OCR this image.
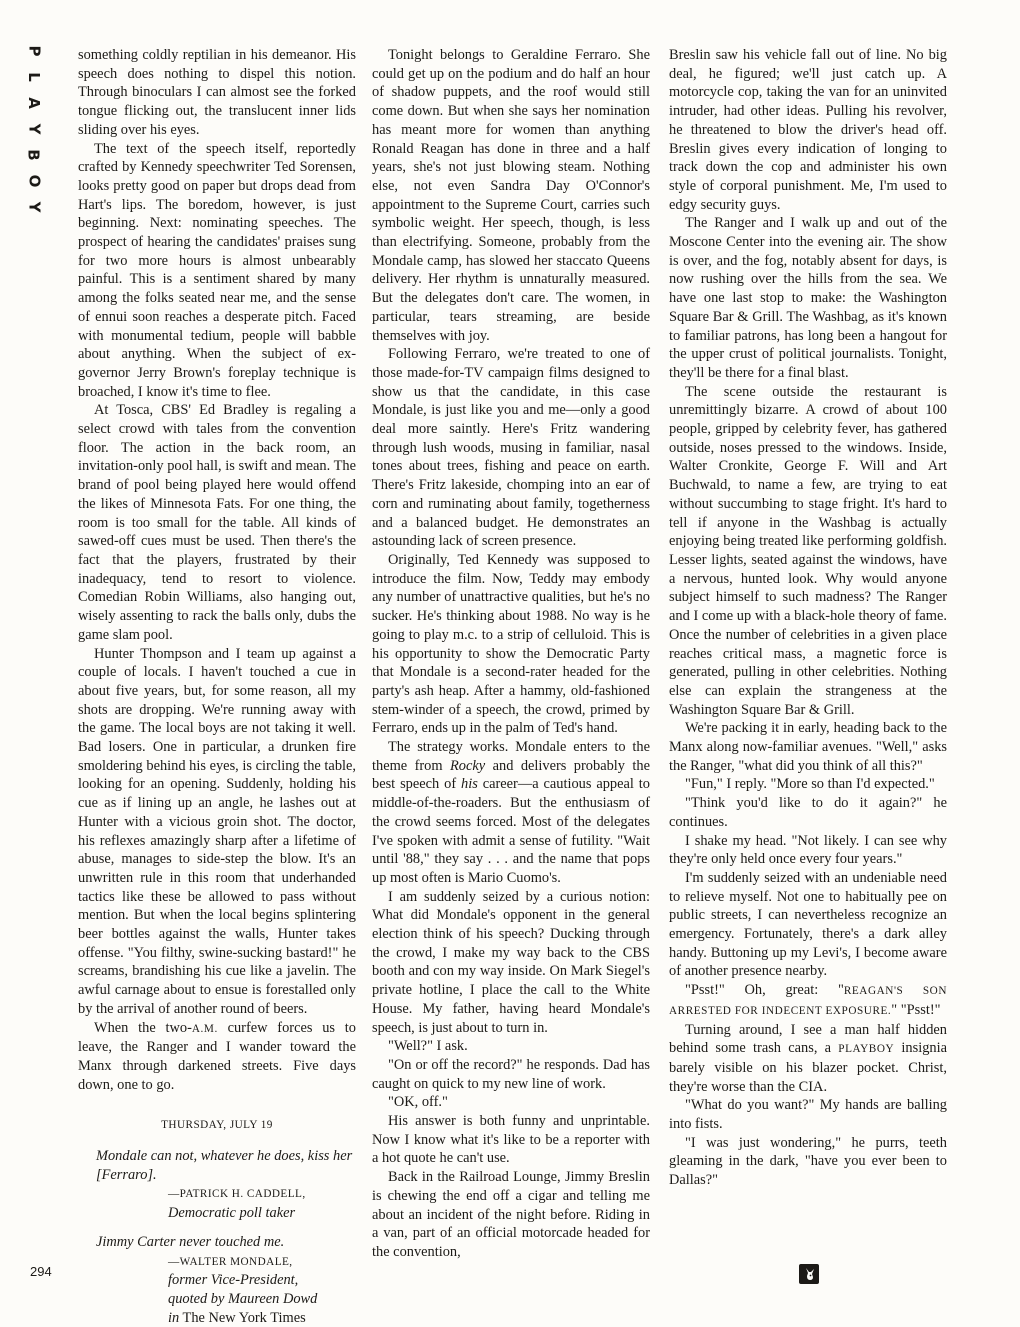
P
L
A
Y
B
O
Y

something coldly reptilian in his demeanor. His speech does nothing to dispel this notion. Through binoculars I can almost see the forked tongue flicking out, the translucent inner lids sliding over his eyes.

The text of the speech itself, reportedly crafted by Kennedy speechwriter Ted Sorensen, looks pretty good on paper but drops dead from Hart's lips. The boredom, however, is just beginning. Next: nominating speeches. The prospect of hearing the candidates' praises sung for two more hours is almost unbearably painful. This is a sentiment shared by many among the folks seated near me, and the sense of ennui soon reaches a desperate pitch. Faced with monumental tedium, people will babble about anything. When the subject of ex-governor Jerry Brown's foreplay technique is broached, I know it's time to flee.

At Tosca, CBS' Ed Bradley is regaling a select crowd with tales from the convention floor. The action in the back room, an invitation-only pool hall, is swift and mean. The brand of pool being played here would offend the likes of Minnesota Fats. For one thing, the room is too small for the table. All kinds of sawed-off cues must be used. Then there's the fact that the players, frustrated by their inadequacy, tend to resort to violence. Comedian Robin Williams, also hanging out, wisely assenting to rack the balls only, dubs the game slam pool.

Hunter Thompson and I team up against a couple of locals. I haven't touched a cue in about five years, but, for some reason, all my shots are dropping. We're running away with the game. The local boys are not taking it well. Bad losers. One in particular, a drunken fire smoldering behind his eyes, is circling the table, looking for an opening. Suddenly, holding his cue as if lining up an angle, he lashes out at Hunter with a vicious groin shot. The doctor, his reflexes amazingly sharp after a lifetime of abuse, manages to side-step the blow. It's an unwritten rule in this room that underhanded tactics like these be allowed to pass without mention. But when the local begins splintering beer bottles against the walls, Hunter takes offense. "You filthy, swine-sucking bastard!" he screams, brandishing his cue like a javelin. The awful carnage about to ensue is forestalled only by the arrival of another round of beers.

When the two-A.M. curfew forces us to leave, the Ranger and I wander toward the Manx through darkened streets. Five days down, one to go.

THURSDAY, JULY 19

Mondale can not, whatever he does, kiss her [Ferraro].

—PATRICK H. CADDELL,
Democratic poll taker

Jimmy Carter never touched me.

—WALTER MONDALE,
former Vice-President,
quoted by Maureen Dowd
in The New York Times

Tonight belongs to Geraldine Ferraro. She could get up on the podium and do half an hour of shadow puppets, and the roof would still come down. But when she says her nomination has meant more for women than anything Ronald Reagan has done in three and a half years, she's not just blowing steam. Nothing else, not even Sandra Day O'Connor's appointment to the Supreme Court, carries such symbolic weight. Her speech, though, is less than electrifying. Someone, probably from the Mondale camp, has slowed her staccato Queens delivery. Her rhythm is unnaturally measured. But the delegates don't care. The women, in particular, tears streaming, are beside themselves with joy.

Following Ferraro, we're treated to one of those made-for-TV campaign films designed to show us that the candidate, in this case Mondale, is just like you and me—only a good deal more saintly. Here's Fritz wandering through lush woods, musing in familiar, nasal tones about trees, fishing and peace on earth. There's Fritz lakeside, chomping into an ear of corn and ruminating about family, togetherness and a balanced budget. He demonstrates an astounding lack of screen presence.

Originally, Ted Kennedy was supposed to introduce the film. Now, Teddy may embody any number of unattractive qualities, but he's no sucker. He's thinking about 1988. No way is he going to play m.c. to a strip of celluloid. This is his opportunity to show the Democratic Party that Mondale is a second-rater headed for the party's ash heap. After a hammy, old-fashioned stem-winder of a speech, the crowd, primed by Ferraro, ends up in the palm of Ted's hand.

The strategy works. Mondale enters to the theme from Rocky and delivers probably the best speech of his career—a cautious appeal to middle-of-the-roaders. But the enthusiasm of the crowd seems forced. Most of the delegates I've spoken with admit a sense of futility. "Wait until '88," they say . . . and the name that pops up most often is Mario Cuomo's.

I am suddenly seized by a curious notion: What did Mondale's opponent in the general election think of his speech? Ducking through the crowd, I make my way back to the CBS booth and con my way inside. On Mark Siegel's private hotline, I place the call to the White House. My father, having heard Mondale's speech, is just about to turn in.

"Well?" I ask.

"On or off the record?" he responds. Dad has caught on quick to my new line of work.

"OK, off."

His answer is both funny and unprintable. Now I know what it's like to be a reporter with a hot quote he can't use.

Back in the Railroad Lounge, Jimmy Breslin is chewing the end off a cigar and telling me about an incident of the night before. Riding in a van, part of an official motorcade headed for the convention,

Breslin saw his vehicle fall out of line. No big deal, he figured; we'll just catch up. A motorcycle cop, taking the van for an uninvited intruder, had other ideas. Pulling his revolver, he threatened to blow the driver's head off. Breslin gives every indication of longing to track down the cop and administer his own style of corporal punishment. Me, I'm used to edgy security guys.

The Ranger and I walk up and out of the Moscone Center into the evening air. The show is over, and the fog, notably absent for days, is now rushing over the hills from the sea. We have one last stop to make: the Washington Square Bar & Grill. The Washbag, as it's known to familiar patrons, has long been a hangout for the upper crust of political journalists. Tonight, they'll be there for a final blast.

The scene outside the restaurant is unremittingly bizarre. A crowd of about 100 people, gripped by celebrity fever, has gathered outside, noses pressed to the windows. Inside, Walter Cronkite, George F. Will and Art Buchwald, to name a few, are trying to eat without succumbing to stage fright. It's hard to tell if anyone in the Washbag is actually enjoying being treated like performing goldfish. Lesser lights, seated against the windows, have a nervous, hunted look. Why would anyone subject himself to such madness? The Ranger and I come up with a black-hole theory of fame. Once the number of celebrities in a given place reaches critical mass, a magnetic force is generated, pulling in other celebrities. Nothing else can explain the strangeness at the Washington Square Bar & Grill.

We're packing it in early, heading back to the Manx along now-familiar avenues. "Well," asks the Ranger, "what did you think of all this?"

"Fun," I reply. "More so than I'd expected."

"Think you'd like to do it again?" he continues.

I shake my head. "Not likely. I can see why they're only held once every four years."

I'm suddenly seized with an undeniable need to relieve myself. Not one to habitually pee on public streets, I can nevertheless recognize an emergency. Fortunately, there's a dark alley handy. Buttoning up my Levi's, I become aware of another presence nearby.

"Psst!" Oh, great: "REAGAN'S SON ARRESTED FOR INDECENT EXPOSURE." "Psst!"

Turning around, I see a man half hidden behind some trash cans, a PLAYBOY insignia barely visible on his blazer pocket. Christ, they're worse than the CIA.

"What do you want?" My hands are balling into fists.

"I was just wondering," he purrs, teeth gleaming in the dark, "have you ever been to Dallas?"

294
